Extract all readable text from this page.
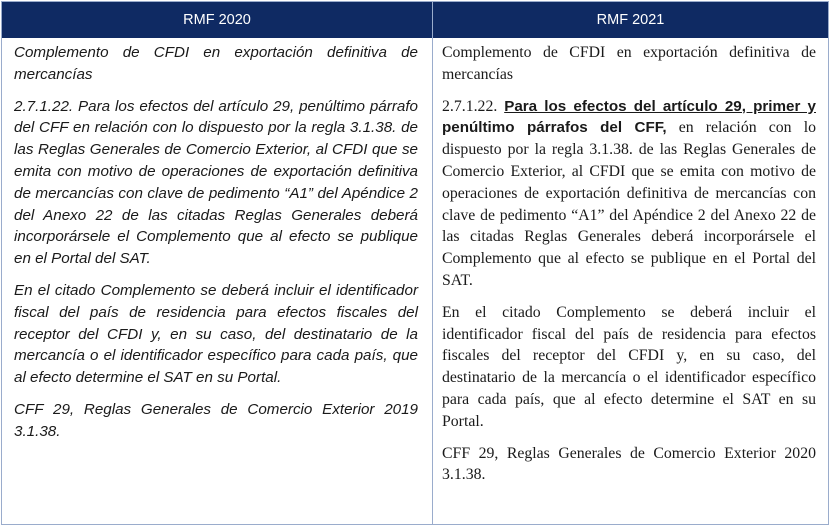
RMF 2020	RMF 2021

Complemento de CFDI en exportación definitiva de mercancías

2.7.1.22. Para los efectos del artículo 29, penúltimo párrafo del CFF en relación con lo dispuesto por la regla 3.1.38. de las Reglas Generales de Comercio Exterior, al CFDI que se emita con motivo de operaciones de exportación definitiva de mercancías con clave de pedimento “A1” del Apéndice 2 del Anexo 22 de las citadas Reglas Generales deberá incorporársele el Complemento que al efecto se publique en el Portal del SAT.

En el citado Complemento se deberá incluir el identificador fiscal del país de residencia para efectos fiscales del receptor del CFDI y, en su caso, del destinatario de la mercancía o el identificador específico para cada país, que al efecto determine el SAT en su Portal.

CFF 29, Reglas Generales de Comercio Exterior 2019 3.1.38.

Complemento de CFDI en exportación definitiva de mercancías

2.7.1.22. Para los efectos del artículo 29, primer y penúltimo párrafos del CFF, en relación con lo dispuesto por la regla 3.1.38. de las Reglas Generales de Comercio Exterior, al CFDI que se emita con motivo de operaciones de exportación definitiva de mercancías con clave de pedimento “A1” del Apéndice 2 del Anexo 22 de las citadas Reglas Generales deberá incorporársele el Complemento que al efecto se publique en el Portal del SAT.

En el citado Complemento se deberá incluir el identificador fiscal del país de residencia para efectos fiscales del receptor del CFDI y, en su caso, del destinatario de la mercancía o el identificador específico para cada país, que al efecto determine el SAT en su Portal.

CFF 29, Reglas Generales de Comercio Exterior 2020 3.1.38.
